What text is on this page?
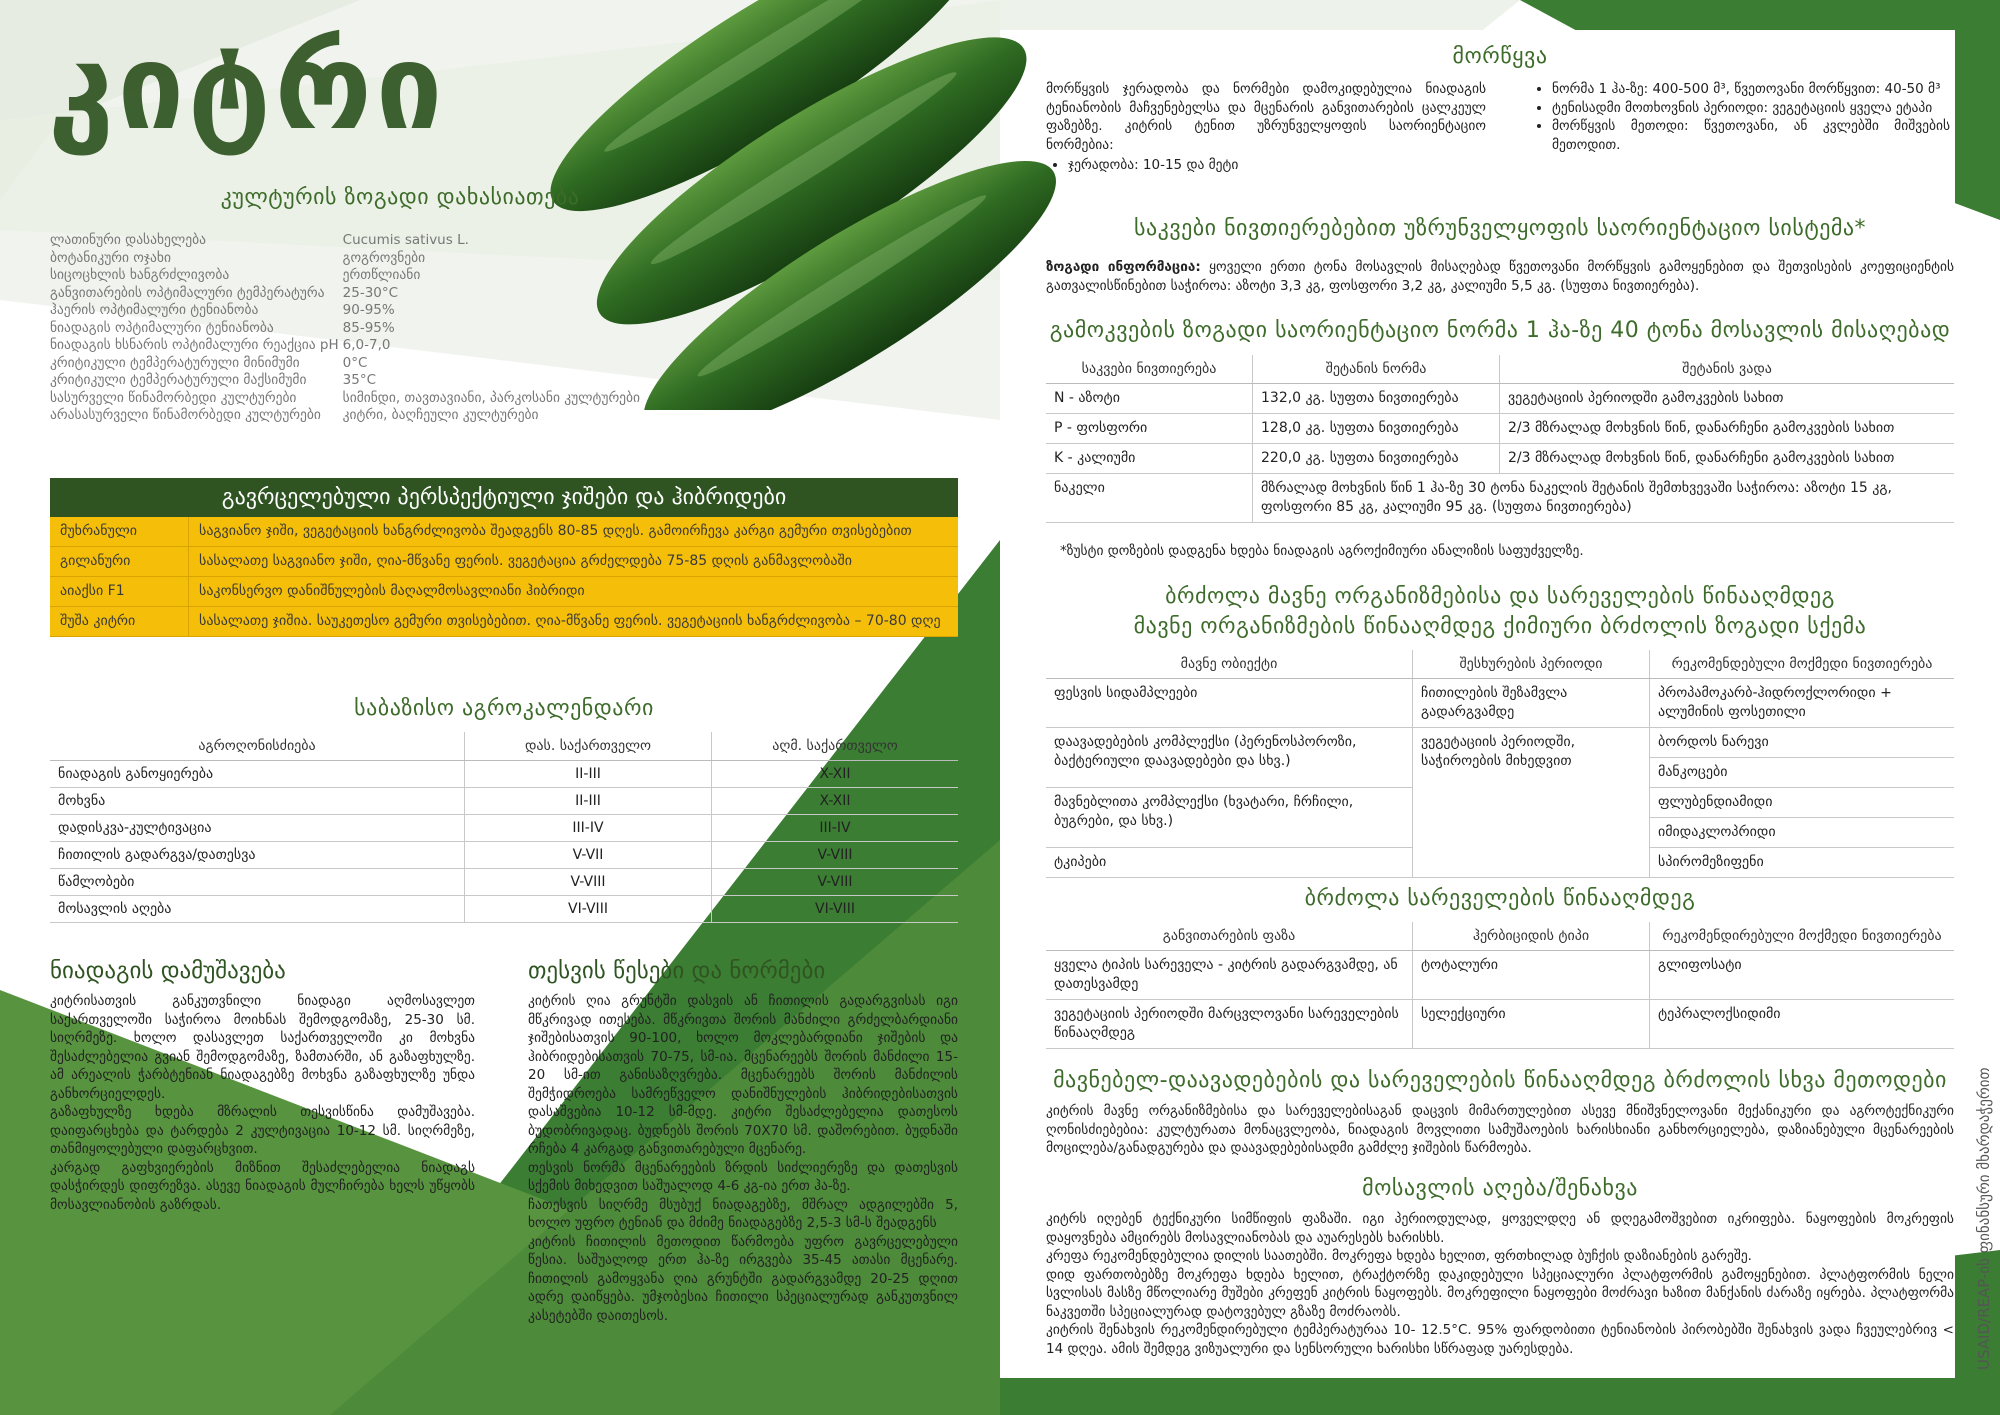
კიტრი
კულტურის ზოგადი დახასიათება
ლათინური დასახელება	Cucumis sativus L.
ბოტანიკური ოჯახი	გოგროვნები
სიცოცხლის ხანგრძლივობა	ერთწლიანი
განვითარების ოპტიმალური ტემპერატურა	25-30°C
ჰაერის ოპტიმალური ტენიანობა	90-95%
ნიადაგის ოპტიმალური ტენიანობა	85-95%
ნიადაგის ხსნარის ოპტიმალური რეაქცია pH	6,0-7,0
კრიტიკული ტემპერატურული მინიმუმი	0°C
კრიტიკული ტემპერატურული მაქსიმუმი	35°C
სასურველი წინამორბედი კულტურები	სიმინდი, თავთავიანი, პარკოსანი კულტურები
არასასურველი წინამორბედი კულტურები	კიტრი, ბაღჩეული კულტურები
გავრცელებული პერსპექტიული ჯიშები და ჰიბრიდები
მუხრანული	საგვიანო ჯიში, ვეგეტაციის ხანგრძლივობა შეადგენს 80-85 დღეს. გამოირჩევა კარგი გემური თვისებებით
გილანური	სასალათე საგვიანო ჯიში, ღია-მწვანე ფერის. ვეგეტაცია გრძელდება 75-85 დღის განმავლობაში
აიაქსი F1	საკონსერვო დანიშნულების მაღალმოსავლიანი ჰიბრიდი
შუშა კიტრი	სასალათე ჯიშია. საუკეთესო გემური თვისებებით. ღია-მწვანე ფერის. ვეგეტაციის ხანგრძლივობა – 70-80 დღე
საბაზისო აგროკალენდარი
აგროღონისძიება	დას. საქართველო	აღმ. საქართველო
ნიადაგის განოყიერება	II-III	X-XII
მოხვნა	II-III	X-XII
დადისკვა-კულტივაცია	III-IV	III-IV
ჩითილის გადარგვა/დათესვა	V-VII	V-VIII
წამლობები	V-VIII	V-VIII
მოსავლის აღება	VI-VIII	VI-VIII
ნიადაგის დამუშავება
კიტრისათვის განკუთვნილი ნიადაგი აღმოსავლეთ საქართველოში საჭიროა მოიხნას შემოდგომაზე, 25-30 სმ. სიღრმეზე. ხოლო დასავლეთ საქართველოში კი მოხვნა შესაძლებელია გვიან შემოდგომაზე, ზამთარში, ან გაზაფხულზე. ამ არეალის ჭარბტენიან ნიადაგებზე მოხვნა გაზაფხულზე უნდა განხორციელდეს.
გაზაფხულზე ხდება მზრალის თესვისწინა დამუშავება. დაიფარცხება და ტარდება 2 კულტივაცია 10-12 სმ. სიღრმეზე, თანმიყოლებული დაფარცხვით.
კარგად გაფხვიერების მიზნით შესაძლებელია ნიადაგს დასჭირდეს დიფრეზვა. ასევე ნიადაგის მულჩირება ხელს უწყობს მოსავლიანობის გაზრდას.
თესვის წესები და ნორმები
კიტრის ღია გრუნტში დასვის ან ჩითილის გადარგვისას იგი მწკრივად ითესება. მწკრივთა შორის მანძილი გრძელბარდიანი ჯიშებისათვის 90-100, ხოლო მოკლებარდიანი ჯიშების და ჰიბრიდებისათვის 70-75, სმ-ია. მცენარეებს შორის მანძილი 15-20 სმ-ით განისაზღვრება. მცენარეებს შორის მანძილის შემჭიდროება სამრეწველო დანიშნულების ჰიბრიდებისათვის დასაშვებია 10-12 სმ-მდე. კიტრი შესაძლებელია დათესოს ბუდობრივადაც. ბუდნებს შორის 70X70 სმ. დაშორებით. ბუდნაში რჩება 4 კარგად განვითარებული მცენარე.
თესვის ნორმა მცენარეების ზრდის სიძლიერეზე და დათესვის სქემის მიხედვით საშუალოდ 4-6 კგ-ია ერთ ჰა-ზე.
ჩათესვის სიღრმე მსუბუქ ნიადაგებზე, მშრალ ადგილებში 5, ხოლო უფრო ტენიან და მძიმე ნიადაგებზე 2,5-3 სმ-ს შეადგენს
კიტრის ჩითილის მეთოდით წარმოება უფრო გავრცელებული წესია. საშუალოდ ერთ ჰა-ზე ირგვება 35-45 ათასი მცენარე. ჩითილის გამოყვანა ღია გრუნტში გადარგვამდე 20-25 დღით ადრე დაიწყება. უმჯობესია ჩითილი სპეციალურად განკუთვნილ კასეტებში დაითესოს.
მორწყვა
მორწყვის ჯერადობა და ნორმები დამოკიდებულია ნიადაგის ტენიანობის მაჩვენებელსა და მცენარის განვითარების ცალკეულ ფაზებზე. კიტრის ტენით უზრუნველყოფის საორიენტაციო ნორმებია:
• ჯერადობა: 10-15 და მეტი
• ნორმა 1 ჰა-ზე: 400-500 მ³, წვეთოვანი მორწყვით: 40-50 მ³
• ტენისადმი მოთხოვნის პერიოდი: ვეგეტაციის ყველა ეტაპი
• მორწყვის მეთოდი: წვეთოვანი, ან კვლებში მიშვების მეთოდით.
საკვები ნივთიერებებით უზრუნველყოფის საორიენტაციო სისტემა*
ზოგადი ინფორმაცია: ყოველი ერთი ტონა მოსავლის მისაღებად წვეთოვანი მორწყვის გამოყენებით და შეთვისების კოეფიციენტის გათვალისწინებით საჭიროა: აზოტი 3,3 კგ, ფოსფორი 3,2 კგ, კალიუმი 5,5 კგ. (სუფთა ნივთიერება).
გამოკვების ზოგადი საორიენტაციო ნორმა 1 ჰა-ზე 40 ტონა მოსავლის მისაღებად
საკვები ნივთიერება	შეტანის ნორმა	შეტანის ვადა
N - აზოტი	132,0 კგ. სუფთა ნივთიერება	ვეგეტაციის პერიოდში გამოკვების სახით
P - ფოსფორი	128,0 კგ. სუფთა ნივთიერება	2/3 მზრალად მოხვნის წინ, დანარჩენი გამოკვების სახით
K - კალიუმი	220,0 კგ. სუფთა ნივთიერება	2/3 მზრალად მოხვნის წინ, დანარჩენი გამოკვების სახით
ნაკელი	მზრალად მოხვნის წინ 1 ჰა-ზე 30 ტონა ნაკელის შეტანის შემთხვევაში საჭიროა: აზოტი 15 კგ, ფოსფორი 85 კგ, კალიუმი 95 კგ. (სუფთა ნივთიერება)	
*ზუსტი დოზების დადგენა ხდება ნიადაგის აგროქიმიური ანალიზის საფუძველზე.
ბრძოლა მავნე ორგანიზმებისა და სარეველების წინააღმდეგ
მავნე ორგანიზმების წინააღმდეგ ქიმიური ბრძოლის ზოგადი სქემა
მავნე ობიექტი	შესხურების პერიოდი	რეკომენდებული მოქმედი ნივთიერება
ფესვის სიდამპლეები	ჩითილების შეზამვლა გადარგვამდე	პროპამოკარბ-ჰიდროქლორიდი + ალუმინის ფოსეთილი

დაავადებების კომპლექსი (პერენოსპოროზი, ბაქტერიული დაავადებები და სხვ.)	ვეგეტაციის პერიოდში, საჭიროების მიხედვით	ბორდოს ნარევი
მანკოცები

მავნებლითა კომპლექსი (ხვატარი, ჩრჩილი, ბუგრები, და სხვ.)		ფლუბენდიამიდი
იმიდაკლოპრიდი

ტკიპები		სპირომეზიფენი
ბრძოლა სარეველების წინააღმდეგ
განვითარების ფაზა	ჰერბიციდის ტიპი	რეკომენდირებული მოქმედი ნივთიერება
ყველა ტიპის სარეველა - კიტრის გადარგვამდე, ან დათესვამდე	ტოტალური	გლიფოსატი
ვეგეტაციის პერიოდში მარცვლოვანი სარეველების წინააღმდეგ	სელექციური	ტეპრალოქსიდიმი
მავნებელ-დაავადებების და სარეველების წინააღმდეგ ბრძოლის სხვა მეთოდები
კიტრის მავნე ორგანიზმებისა და სარეველებისაგან დაცვის მიმართულებით ასევე მნიშვნელოვანი მექანიკური და აგროტექნიკური ღონისძიებებია: კულტურათა მონაცვლეობა, ნიადაგის მოვლითი სამუშაოების ხარისხიანი განხორციელება, დაზიანებული მცენარეების მოცილება/განადგურება და დაავადებებისადმი გამძლე ჯიშების წარმოება.
მოსავლის აღება/შენახვა
კიტრს იღებენ ტექნიკური სიმწიფის ფაზაში. იგი პერიოდულად, ყოველდღე ან დღეგამოშვებით იკრიფება. ნაყოფების მოკრეფის დაყოვნება ამცირებს მოსავლიანობას და აუარესებს ხარისხს.
კრეფა რეკომენდებულია დილის საათებში. მოკრეფა ხდება ხელით, ფრთხილად ბუჩქის დაზიანების გარეშე.
დიდ ფართობებზე მოკრეფა ხდება ხელით, ტრაქტორზე დაკიდებული სპეციალური პლატფორმის გამოყენებით. პლატფორმის ნელი სვლისას მასზე მწოლიარე მუშები კრეფენ კიტრის ნაყოფებს. მოკრეფილი ნაყოფები მოძრავი ხაზით მანქანის ძარაზე იყრება. პლატფორმა ნაკვეთში სპეციალურად დატოვებულ გზაზე მოძრაობს.
კიტრის შენახვის რეკომენდირებული ტემპერატურაა 10- 12.5°C. 95% ფარდობითი ტენიანობის პირობებში შენახვის ვადა ჩვეულებრივ < 14 დღეა. ამის შემდეგ ვიზუალური და სენსორული ხარისხი სწრაფად უარესდება.	USAID/REAP-ის ფინანსური მხარდაჭერით
